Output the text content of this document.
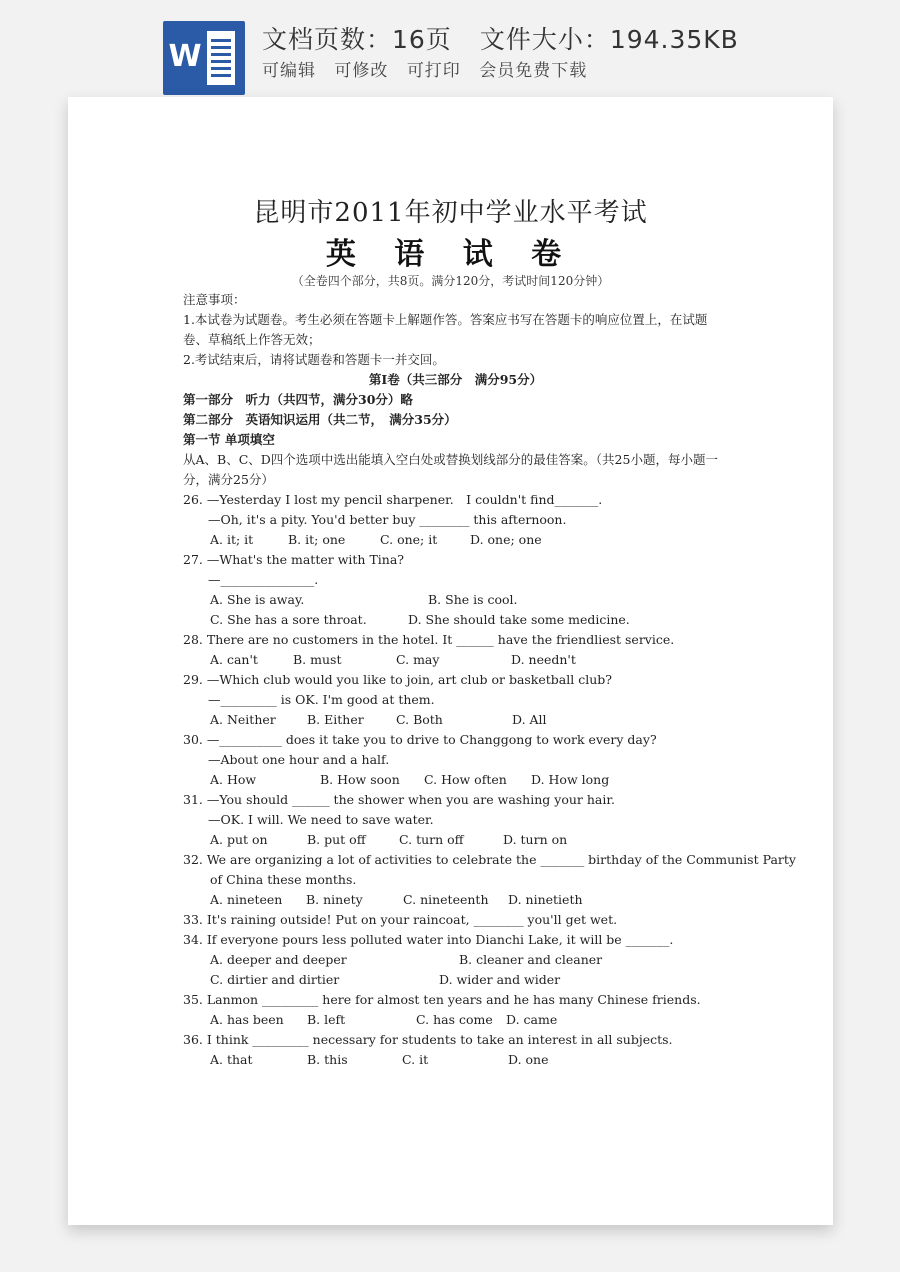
W 文档页数：16页 文件大小：194.35KB
可编辑 可修改 可打印 会员免费下载
昆明市2011年初中学业水平考试
英 语 试 卷
（全卷四个部分，共8页。满分120分，考试时间120分钟）

注意事项：

1.本试卷为试题卷。考生必须在答题卡上解题作答。答案应书写在答题卡的响应位置上，在试题卷、草稿纸上作答无效；

2.考试结束后，请将试题卷和答题卡一并交回。

第Ⅰ卷（共三部分　满分95分）

第一部分　听力（共四节，满分30分）略

第二部分　英语知识运用（共二节，　满分35分）

第一节 单项填空

从A、B、C、D四个选项中选出能填入空白处或替换划线部分的最佳答案。（共25小题，每小题一分，满分25分）

26. —Yesterday I lost my pencil sharpener.　I couldn't find_______.

—Oh, it's a pity. You'd better buy ________ this afternoon.

A. it; it	B. it; one	C. one; it	D. one; one

27. —What's the matter with Tina?

—_______________.

A. She is away.	B. She is cool.

C. She has a sore throat.	D. She should take some medicine.

28. There are no customers in the hotel. It ______ have the friendliest service.

A. can't	B. must	C. may	D. needn't

29. —Which club would you like to join, art club or basketball club?

—_________ is OK. I'm good at them.

A. Neither	B. Either	C. Both	D. All

30. —__________ does it take you to drive to Changgong to work every day?

—About one hour and a half.

A. How	B. How soon	C. How often	D. How long

31. —You should ______ the shower when you are washing your hair.

—OK. I will. We need to save water.

A. put on	B. put off	C. turn off	D. turn on

32. We are organizing a lot of activities to celebrate the _______ birthday of the Communist Party

of China these months.

A. nineteen	B. ninety	C. nineteenth	D. ninetieth

33. It's raining outside! Put on your raincoat, ________ you'll get wet.

34. If everyone pours less polluted water into Dianchi Lake, it will be _______.

A. deeper and deeper	B. cleaner and cleaner

C. dirtier and dirtier	D. wider and wider

35. Lanmon _________ here for almost ten years and he has many Chinese friends.

A. has been	B. left	C. has come	D. came

36. I think _________ necessary for students to take an interest in all subjects.

A. that	B. this	C. it	D. one
